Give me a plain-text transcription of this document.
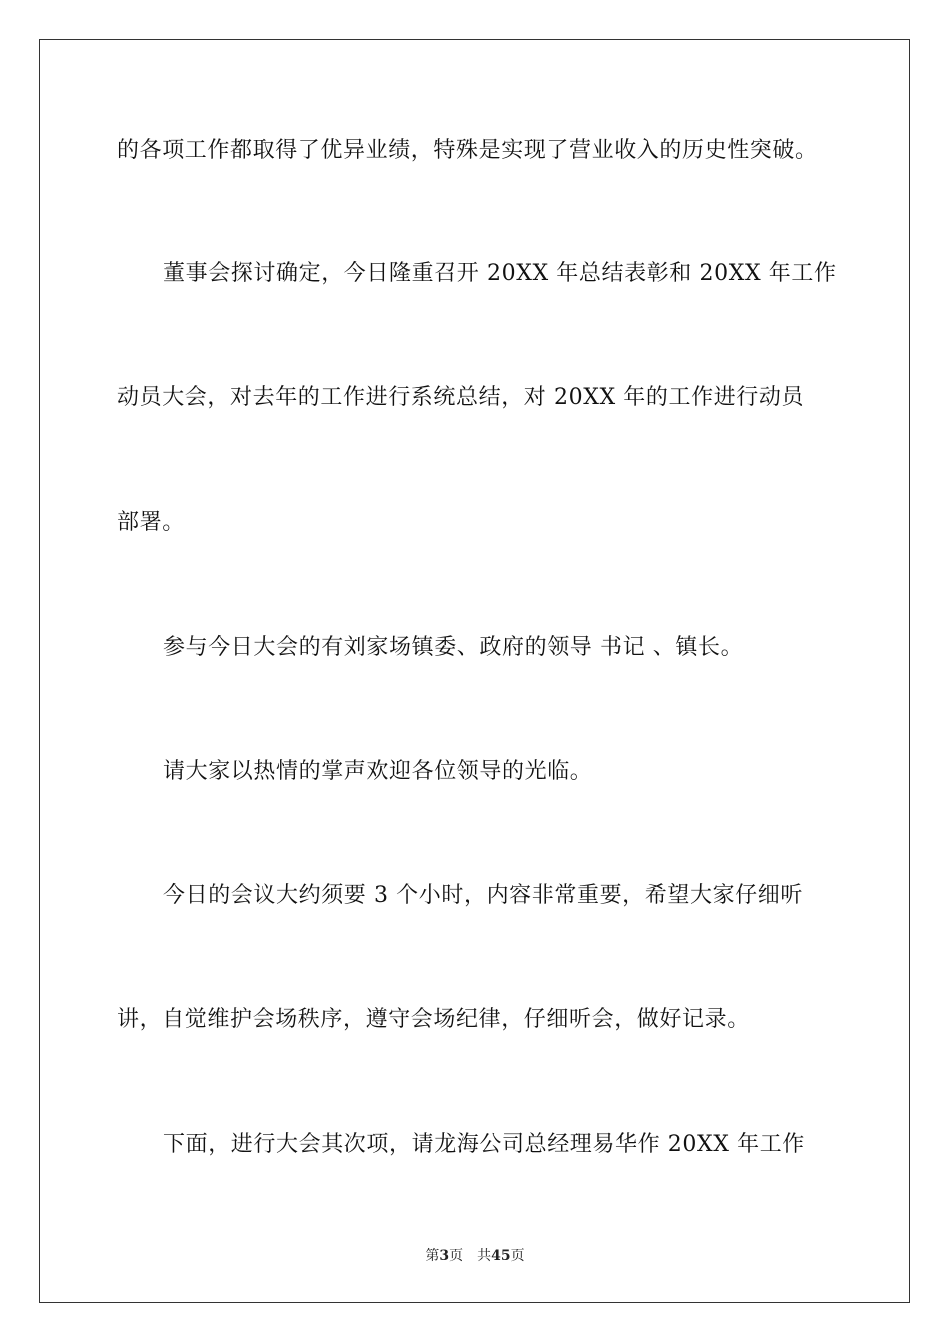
的各项工作都取得了优异业绩，特殊是实现了营业收入的历史性突破。
董事会探讨确定，今日隆重召开 20XX 年总结表彰和 20XX 年工作
动员大会，对去年的工作进行系统总结，对 20XX 年的工作进行动员
部署。
参与今日大会的有刘家场镇委、政府的领导 书记 、镇长。
请大家以热情的掌声欢迎各位领导的光临。
今日的会议大约须要 3 个小时，内容非常重要，希望大家仔细听
讲，自觉维护会场秩序，遵守会场纪律，仔细听会，做好记录。
下面，进行大会其次项，请龙海公司总经理易华作 20XX 年工作
第3页 共45页
